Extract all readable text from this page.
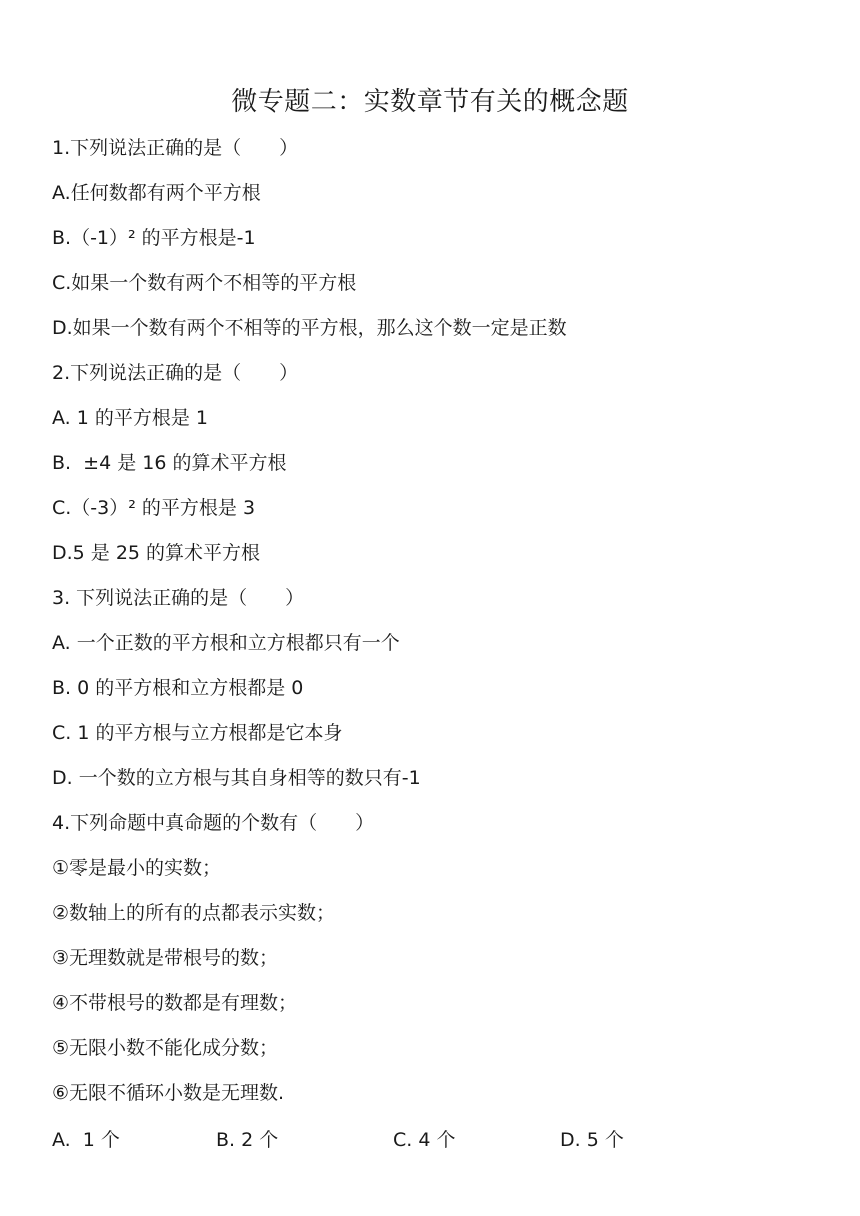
微专题二：实数章节有关的概念题
1.下列说法正确的是（　　）
A.任何数都有两个平方根
B.（-1）² 的平方根是-1
C.如果一个数有两个不相等的平方根
D.如果一个数有两个不相等的平方根，那么这个数一定是正数
2.下列说法正确的是（　　）
A. 1 的平方根是 1
B.  ±4 是 16 的算术平方根
C.（-3）² 的平方根是 3
D.5 是 25 的算术平方根
3. 下列说法正确的是（　　）
A. 一个正数的平方根和立方根都只有一个
B. 0 的平方根和立方根都是 0
C. 1 的平方根与立方根都是它本身
D. 一个数的立方根与其自身相等的数只有-1
4.下列命题中真命题的个数有（　　）
①零是最小的实数；
②数轴上的所有的点都表示实数；
③无理数就是带根号的数；
④不带根号的数都是有理数；
⑤无限小数不能化成分数；
⑥无限不循环小数是无理数.
A.  1 个	B. 2 个	C. 4 个	D. 5 个
